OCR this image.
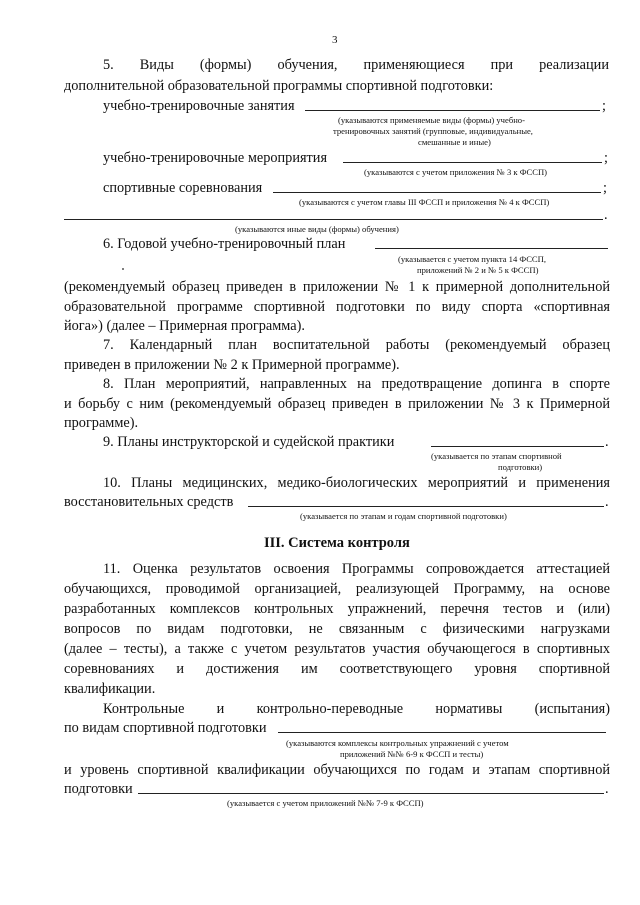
3
5. Виды (формы) обучения, применяющиеся при реализации
дополнительной образовательной программы спортивной подготовки:
учебно-тренировочные занятия	;
(указываются применяемые виды (формы) учебно-
тренировочных занятий (групповые, индивидуальные,
смешанные и иные)
учебно-тренировочные мероприятия	;
(указываются с учетом приложения № 3 к ФССП)
спортивные соревнования	;
(указываются с учетом главы III ФССП и приложения № 4 к ФССП)
.
(указываются иные виды (формы) обучения)
6. Годовой учебно-тренировочный план
(указывается с учетом пункта 14 ФССП,
приложений № 2 и № 5 к ФССП)
(рекомендуемый образец приведен в приложении № 1 к примерной дополнительной
образовательной программе спортивной подготовки по виду спорта «спортивная
йога») (далее – Примерная программа).
7. Календарный план воспитательной работы (рекомендуемый образец
приведен в приложении № 2 к Примерной программе).
8. План мероприятий, направленных на предотвращение допинга в спорте
и борьбу с ним (рекомендуемый образец приведен в приложении № 3 к Примерной
программе).
9. Планы инструкторской и судейской практики	.
(указывается по этапам спортивной
подготовки)
10. Планы медицинских, медико-биологических мероприятий и применения
восстановительных средств	.
(указывается по этапам и годам спортивной подготовки)
III. Система контроля
11. Оценка результатов освоения Программы сопровождается аттестацией
обучающихся, проводимой организацией, реализующей Программу, на основе
разработанных комплексов контрольных упражнений, перечня тестов и (или)
вопросов по видам подготовки, не связанным с физическими нагрузками
(далее – тесты), а также с учетом результатов участия обучающегося в спортивных
соревнованиях и достижения им соответствующего уровня спортивной
квалификации.
Контрольные и контрольно-переводные нормативы (испытания)
по видам спортивной подготовки
(указываются комплексы контрольных упражнений с учетом
приложений №№ 6-9 к ФССП и тесты)
и уровень спортивной квалификации обучающихся по годам и этапам спортивной
подготовки	.
(указывается с учетом приложений №№ 7-9 к ФССП)
